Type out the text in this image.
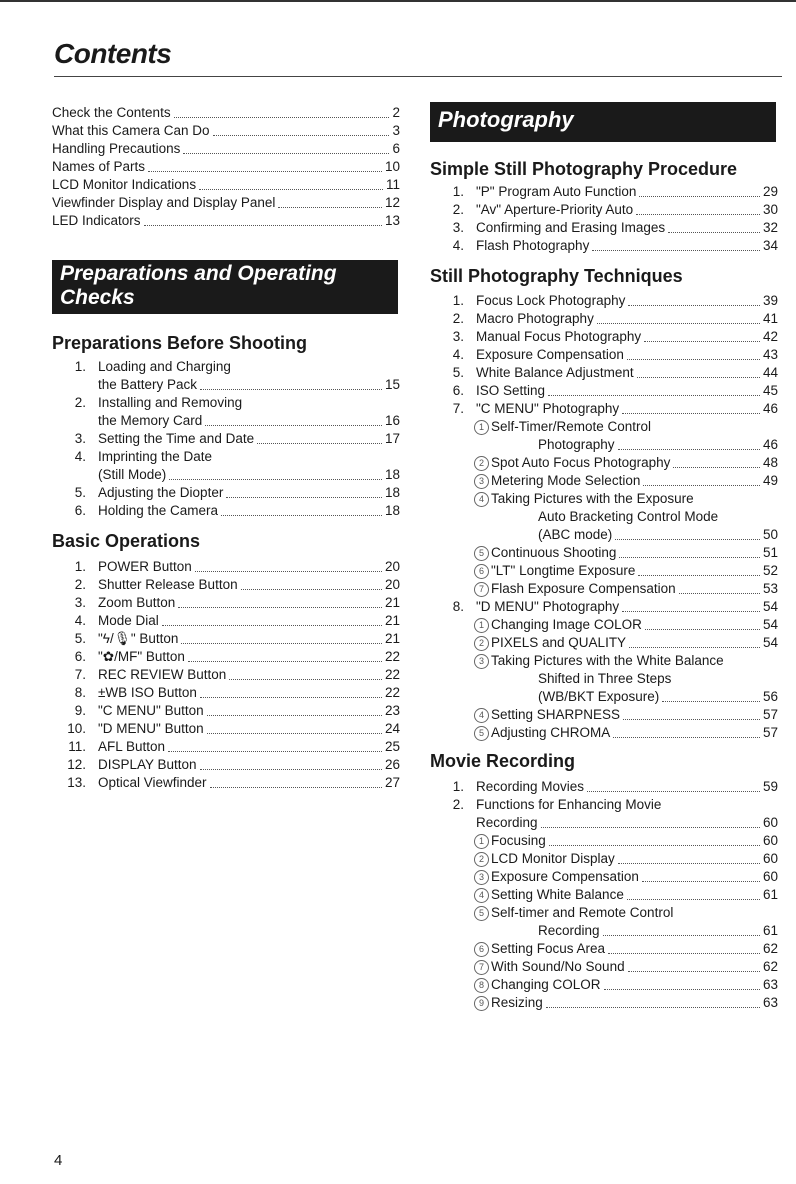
Contents
Check the Contents	2
What this Camera Can Do	3
Handling Precautions	6
Names of Parts	10
LCD Monitor Indications	11
Viewfinder Display and Display Panel	12
LED Indicators	13
Preparations and Operating
Checks
Preparations Before Shooting
1. Loading and Charging
the Battery Pack	15
2. Installing and Removing
the Memory Card	16
3. Setting the Time and Date	17
4. Imprinting the Date
(Still Mode)	18
5. Adjusting the Diopter	18
6. Holding the Camera	18
Basic Operations
1. POWER Button	20
2. Shutter Release Button	20
3. Zoom Button	21
4. Mode Dial	21
5. "ϟ/🎙" Button	21
6. "✿/MF" Button	22
7. REC REVIEW Button	22
8. ±WB ISO Button	22
9. "C MENU" Button	23
10. "D MENU" Button	24
11. AFL Button	25
12. DISPLAY Button	26
13. Optical Viewfinder	27
Photography
Simple Still Photography Procedure
1. "P" Program Auto Function	29
2. "Av" Aperture-Priority Auto	30
3. Confirming and Erasing Images	32
4. Flash Photography	34
Still Photography Techniques
1. Focus Lock Photography	39
2. Macro Photography	41
3. Manual Focus Photography	42
4. Exposure Compensation	43
5. White Balance Adjustment	44
6. ISO Setting	45
7. "C MENU" Photography	46
1 Self-Timer/Remote Control
Photography	46
2 Spot Auto Focus Photography	48
3 Metering Mode Selection	49
4 Taking Pictures with the Exposure
Auto Bracketing Control Mode
(ABC mode)	50
5 Continuous Shooting	51
6 "LT" Longtime Exposure	52
7 Flash Exposure Compensation	53
8. "D MENU" Photography	54
1 Changing Image COLOR	54
2 PIXELS and QUALITY	54
3 Taking Pictures with the White Balance
Shifted in Three Steps
(WB/BKT Exposure)	56
4 Setting SHARPNESS	57
5 Adjusting CHROMA	57
Movie Recording
1. Recording Movies	59
2. Functions for Enhancing Movie
Recording	60
1 Focusing	60
2 LCD Monitor Display	60
3 Exposure Compensation	60
4 Setting White Balance	61
5 Self-timer and Remote Control
Recording	61
6 Setting Focus Area	62
7 With Sound/No Sound	62
8 Changing COLOR	63
9 Resizing	63
4
